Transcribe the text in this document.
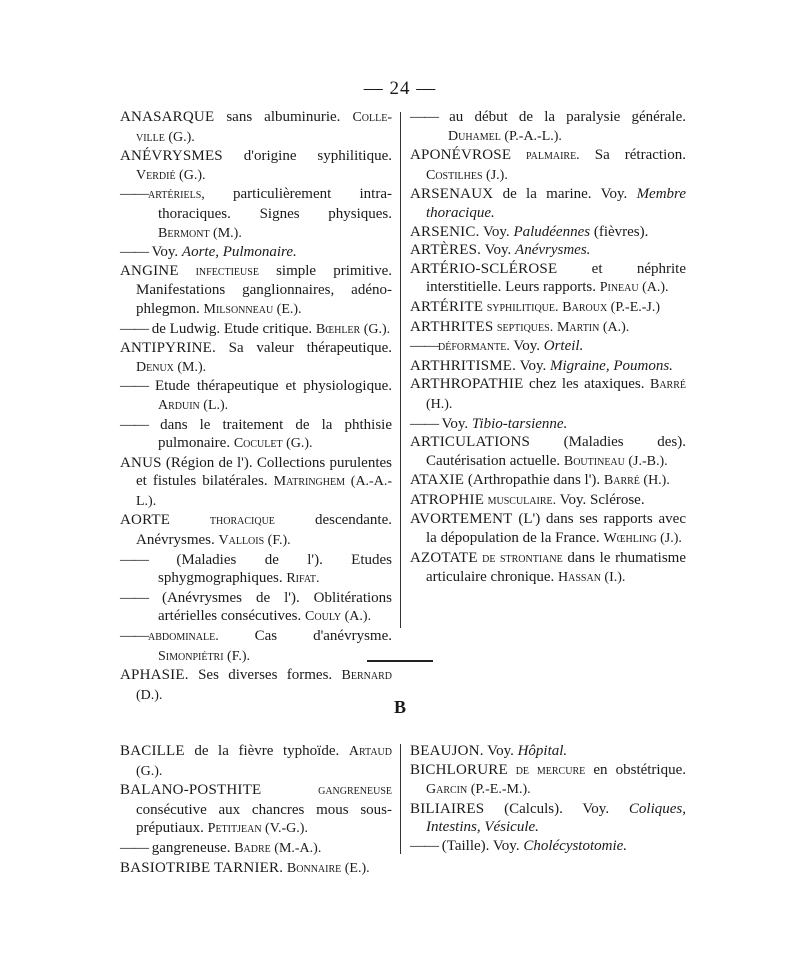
— 24 —

ANASARQUE sans albuminurie. Colle-ville (G.).

ANÉVRYSMES d'origine syphilitique. Verdié (G.).

——artériels, particulièrement intra-thoraciques. Signes physiques. Bermont (M.).

—— Voy. Aorte, Pulmonaire.

ANGINE infectieuse simple primitive. Manifestations ganglionnaires, adéno-phlegmon. Milsonneau (E.).

—— de Ludwig. Etude critique. Bœhler (G.).

ANTIPYRINE. Sa valeur thérapeutique. Denux (M.).

—— Etude thérapeutique et physiologique. Arduin (L.).

—— dans le traitement de la phthisie pulmonaire. Coculet (G.).

ANUS (Région de l'). Collections purulentes et fistules bilatérales. Matringhem (A.-A.-L.).

AORTE thoracique descendante. Anévrysmes. Vallois (F.).

—— (Maladies de l'). Etudes sphygmographiques. Rifat.

—— (Anévrysmes de l'). Oblitérations artérielles consécutives. Couly (A.).

——abdominale. Cas d'anévrysme. Simonpiétri (F.).

APHASIE. Ses diverses formes. Bernard (D.).

—— au début de la paralysie générale. Duhamel (P.-A.-L.).

APONÉVROSE palmaire. Sa rétraction. Costilhes (J.).

ARSENAUX de la marine. Voy. Membre thoracique.

ARSENIC. Voy. Paludéennes (fièvres).

ARTÈRES. Voy. Anévrysmes.

ARTÉRIO-SCLÉROSE et néphrite interstitielle. Leurs rapports. Pineau (A.).

ARTÉRITE syphilitique. Baroux (P.-E.-J.)

ARTHRITES septiques. Martin (A.).

——déformante. Voy. Orteil.

ARTHRITISME. Voy. Migraine, Poumons.

ARTHROPATHIE chez les ataxiques. Barré (H.).

—— Voy. Tibio-tarsienne.

ARTICULATIONS (Maladies des). Cautérisation actuelle. Boutineau (J.-B.).

ATAXIE (Arthropathie dans l'). Barré (H.).

ATROPHIE musculaire. Voy. Sclérose.

AVORTEMENT (L') dans ses rapports avec la dépopulation de la France. Wœhling (J.).

AZOTATE de strontiane dans le rhumatisme articulaire chronique. Hassan (I.).

B

BACILLE de la fièvre typhoïde. Artaud (G.).

BALANO-POSTHITE gangreneuse consécutive aux chancres mous sous-préputiaux. Petitjean (V.-G.).

—— gangreneuse. Badre (M.-A.).

BASIOTRIBE TARNIER. Bonnaire (E.).

BEAUJON. Voy. Hôpital.

BICHLORURE de mercure en obstétrique. Garcin (P.-E.-M.).

BILIAIRES (Calculs). Voy. Coliques, Intestins, Vésicule.

—— (Taille). Voy. Cholécystotomie.
